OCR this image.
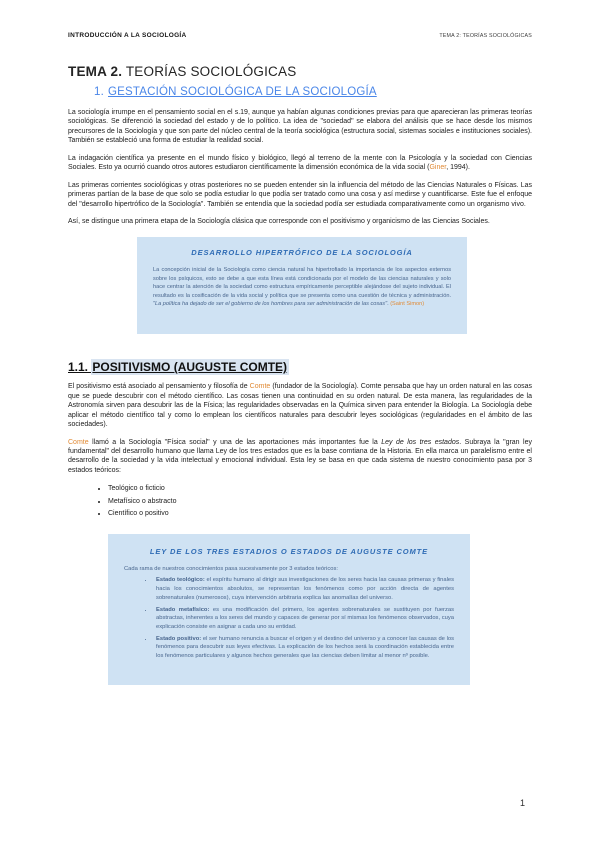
INTRODUCCIÓN A LA SOCIOLOGÍA	TEMA 2: TEORÍAS SOCIOLÓGICAS
TEMA 2. TEORÍAS SOCIOLÓGICAS
1. GESTACIÓN SOCIOLÓGICA DE LA SOCIOLOGÍA

La sociología irrumpe en el pensamiento social en el s.19, aunque ya habían algunas condiciones previas para que aparecieran las primeras teorías sociológicas. Se diferenció la sociedad del estado y de lo político. La idea de "sociedad" se elabora del análisis que se hace desde los mismos precursores de la Sociología y que son parte del núcleo central de la teoría sociológica (estructura social, sistemas sociales e instituciones sociales). También se estableció una forma de estudiar la realidad social.

La indagación científica ya presente en el mundo físico y biológico, llegó al terreno de la mente con la Psicología y la sociedad con Ciencias Sociales. Esto ya ocurrió cuando otros autores estudiaron científicamente la dimensión económica de la vida social (Giner, 1994).

Las primeras corrientes sociológicas y otras posteriores no se pueden entender sin la influencia del método de las Ciencias Naturales o Físicas. Las primeras partían de la base de que solo se podía estudiar lo que podía ser tratado como una cosa y así medirse y cuantificarse. Este fue el enfoque del "desarrollo hipertrófico de la Sociología". También se entendía que la sociedad podía ser estudiada comparativamente como un organismo vivo.

Así, se distingue una primera etapa de la Sociología clásica que corresponde con el positivismo y organicismo de las Ciencias Sociales.

DESARROLLO HIPERTRÓFICO DE LA SOCIOLOGÍA

La concepción inicial de la Sociología como ciencia natural ha hipertrofiado la importancia de los aspectos externos sobre los psíquicos, esto se debe a que esta línea está condicionada por el modelo de las ciencias naturales y solo hace centrar la atención de la sociedad como estructura empíricamente perceptible alejándose del sujeto individual. El resultado es la cosificación de la vida social y política que se presenta como una cuestión de técnica y administración. "La política ha dejado de ser el gobierno de los hombres para ser administración de las cosas". (Saint Simon)

1.1. POSITIVISMO (AUGUSTE COMTE)

El positivismo está asociado al pensamiento y filosofía de Comte (fundador de la Sociología). Comte pensaba que hay un orden natural en las cosas que se puede descubrir con el método científico. Las cosas tienen una continuidad en su orden natural. De esta manera, las regularidades de la Astronomía sirven para descubrir las de la Física; las regularidades observadas en la Química sirven para entender la Biología. La Sociología debe aplicar el método científico tal y como lo emplean los científicos naturales para descubrir leyes sociológicas (regularidades en el ámbito de las sociedades).

Comte llamó a la Sociología "Física social" y una de las aportaciones más importantes fue la Ley de los tres estados. Subraya la "gran ley fundamental" del desarrollo humano que llama Ley de los tres estados que es la base comtiana de la Historia. En ella marca un paralelismo entre el desarrollo de la sociedad y la vida intelectual y emocional individual. Esta ley se basa en que cada sistema de nuestro conocimiento pasa por 3 estados teóricos:

• Teológico o ficticio
• Metafísico o abstracto
• Científico o positivo
LEY DE LOS TRES ESTADIOS O ESTADOS DE AUGUSTE COMTE

Cada rama de nuestros conocimientos pasa sucesivamente por 3 estados teóricos:

• Estado teológico: el espíritu humano al dirigir sus investigaciones de los seres hacia las causas primeras y finales hacia los conocimientos absolutos, se representan los fenómenos como por acción directa de agentes sobrenaturales (numerosos), cuya intervención arbitraria explica las anomalías del universo.
• Estado metafísico: es una modificación del primero, los agentes sobrenaturales se sustituyen por fuerzas abstractas, inherentes a los seres del mundo y capaces de generar por sí mismas los fenómenos observados, cuya explicación consiste en asignar a cada uno su entidad.
• Estado positivo: el ser humano renuncia a buscar el origen y el destino del universo y a conocer las causas de los fenómenos para descubrir sus leyes efectivas. La explicación de los hechos será la coordinación establecida entre los fenómenos particulares y algunos hechos generales que las ciencias deben limitar al menor nº posible.
1
